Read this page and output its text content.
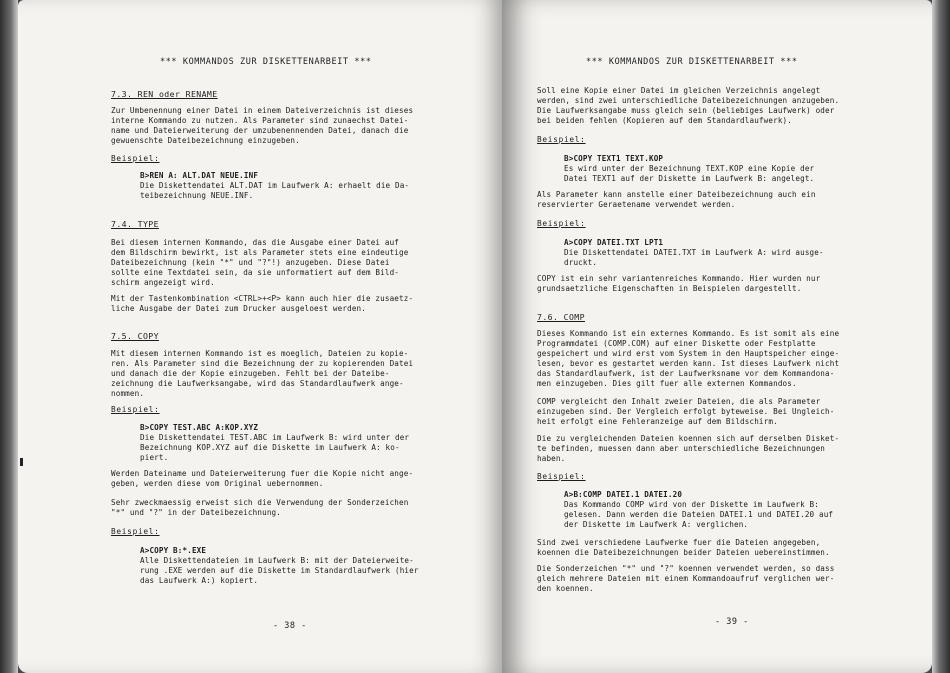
*** KOMMANDOS ZUR DISKETTENARBEIT ***
7.3. REN oder RENAME
Zur Umbenennung einer Datei in einem Dateiverzeichnis ist dieses
interne Kommando zu nutzen. Als Parameter sind zunaechst Datei-
name und Dateierweiterung der umzubenennenden Datei, danach die
gewuenschte Dateibezeichnung einzugeben.
Beispiel:
B>REN A: ALT.DAT NEUE.INF
Die Diskettendatei ALT.DAT im Laufwerk A: erhaelt die Da-
teibezeichnung NEUE.INF.
7.4. TYPE
Bei diesem internen Kommando, das die Ausgabe einer Datei auf
dem Bildschirm bewirkt, ist als Parameter stets eine eindeutige
Dateibezeichnung (kein "*" und "?"!) anzugeben. Diese Datei
sollte eine Textdatei sein, da sie unformatiert auf dem Bild-
schirm angezeigt wird.
Mit der Tastenkombination <CTRL>+<P> kann auch hier die zusaetz-
liche Ausgabe der Datei zum Drucker ausgeloest werden.
7.5. COPY
Mit diesem internen Kommando ist es moeglich, Dateien zu kopie-
ren. Als Parameter sind die Bezeichnung der zu kopierenden Datei
und danach die der Kopie einzugeben. Fehlt bei der Dateibe-
zeichnung die Laufwerksangabe, wird das Standardlaufwerk ange-
nommen.
Beispiel:
B>COPY TEST.ABC A:KOP.XYZ
Die Diskettendatei TEST.ABC im Laufwerk B: wird unter der
Bezeichnung KOP.XYZ auf die Diskette im Laufwerk A: ko-
piert.
Werden Dateiname und Dateierweiterung fuer die Kopie nicht ange-
geben, werden diese vom Original uebernommen.
Sehr zweckmaessig erweist sich die Verwendung der Sonderzeichen
"*" und "?" in der Dateibezeichnung.
Beispiel:
A>COPY B:*.EXE
Alle Diskettendateien im Laufwerk B: mit der Dateierweite-
rung .EXE werden auf die Diskette im Standardlaufwerk (hier
das Laufwerk A:) kopiert.
- 38 -
*** KOMMANDOS ZUR DISKETTENARBEIT ***
Soll eine Kopie einer Datei im gleichen Verzeichnis angelegt
werden, sind zwei unterschiedliche Dateibezeichnungen anzugeben.
Die Laufwerksangabe muss gleich sein (beliebiges Laufwerk) oder
bei beiden fehlen (Kopieren auf dem Standardlaufwerk).
Beispiel:
B>COPY TEXT1 TEXT.KOP
Es wird unter der Bezeichnung TEXT.KOP eine Kopie der
Datei TEXT1 auf der Diskette im Laufwerk B: angelegt.
Als Parameter kann anstelle einer Dateibezeichnung auch ein
reservierter Geraetename verwendet werden.
Beispiel:
A>COPY DATEI.TXT LPT1
Die Diskettendatei DATEI.TXT im Laufwerk A: wird ausge-
druckt.
COPY ist ein sehr variantenreiches Kommando. Hier wurden nur
grundsaetzliche Eigenschaften in Beispielen dargestellt.
7.6. COMP
Dieses Kommando ist ein externes Kommando. Es ist somit als eine
Programmdatei (COMP.COM) auf einer Diskette oder Festplatte
gespeichert und wird erst vom System in den Hauptspeicher einge-
lesen, bevor es gestartet werden kann. Ist dieses Laufwerk nicht
das Standardlaufwerk, ist der Laufwerksname vor dem Kommandona-
men einzugeben. Dies gilt fuer alle externen Kommandos.
COMP vergleicht den Inhalt zweier Dateien, die als Parameter
einzugeben sind. Der Vergleich erfolgt byteweise. Bei Ungleich-
heit erfolgt eine Fehleranzeige auf dem Bildschirm.
Die zu vergleichenden Dateien koennen sich auf derselben Disket-
te befinden, muessen dann aber unterschiedliche Bezeichnungen
haben.
Beispiel:
A>B:COMP DATEI.1 DATEI.20
Das Kommando COMP wird von der Diskette im Laufwerk B:
gelesen. Dann werden die Dateien DATEI.1 und DATEI.20 auf
der Diskette im Laufwerk A: verglichen.
Sind zwei verschiedene Laufwerke fuer die Dateien angegeben,
koennen die Dateibezeichnungen beider Dateien uebereinstimmen.
Die Sonderzeichen "*" und "?" koennen verwendet werden, so dass
gleich mehrere Dateien mit einem Kommandoaufruf verglichen wer-
den koennen.
- 39 -
